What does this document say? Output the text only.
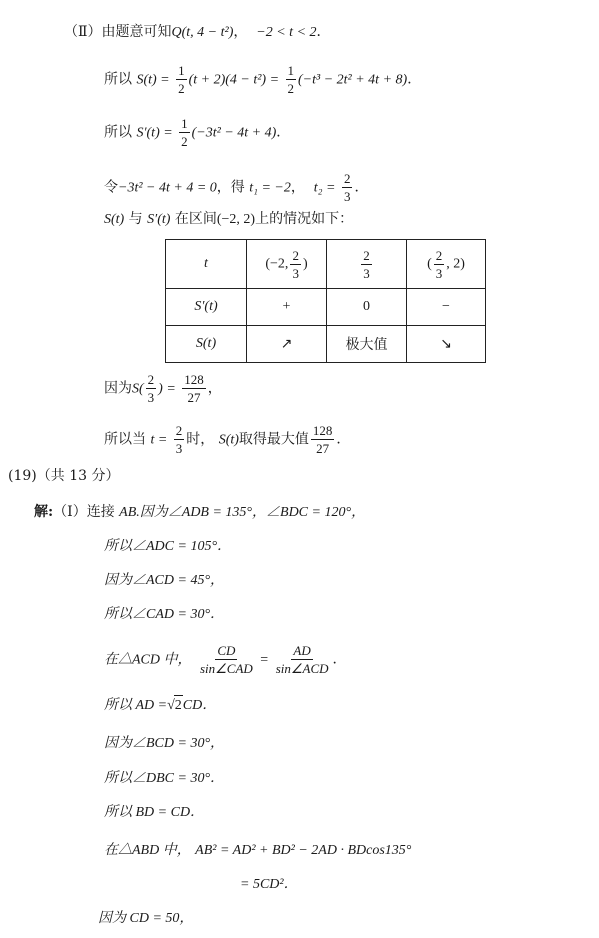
（Ⅱ）由题意可知Q(t, 4 − t²)， −2 < t < 2．
所以 $S(t) = \frac{1}{2} (t + 2)(4 - t^2) = \frac{1}{2} (-t^3 - 2t^2 + 4t + 8)$．
所以 $S'(t) = \frac{1}{2} (-3t^2 - 4t + 4)$．
令−3t² − 4t + 4 = 0，得 t₁ = −2， $t_2 = \frac{2}{3}$ ．
S(t) 与 S′(t) 在区间(−2, 2)上的情况如下：
t	(−2, $\frac{2}{3}$ )	$\frac{2}{3}$	( $\frac{2}{3}$ , 2)
S′(t)	+	0	−
S(t)	↗	极大值	↘
因为$S( \frac{2}{3}$ ) = $\frac{128}{27}$ ，
所以当 $t = \frac{2}{3}$ 时， S(t)取得最大值 $\frac{128}{27}$ ．
(19)（共 13 分）
解:（Ⅰ）连接 AB.因为∠ADB = 135°，∠BDC = 120°，
所以∠ADC = 105°．
因为∠ACD = 45°，
所以∠CAD = 30°．
在△ACD 中， $\frac{CD}{\text{sin∠CAD}} = \frac{AD}{\text{sin∠ACD}}$ ．
所以 AD =√2CD．
因为∠BCD = 30°，
所以∠DBC = 30°．
所以 BD = CD．
在△ABD 中， AB² = AD² + BD² − 2AD · BDcos135°
= 5CD²．
因为 CD = 50，
